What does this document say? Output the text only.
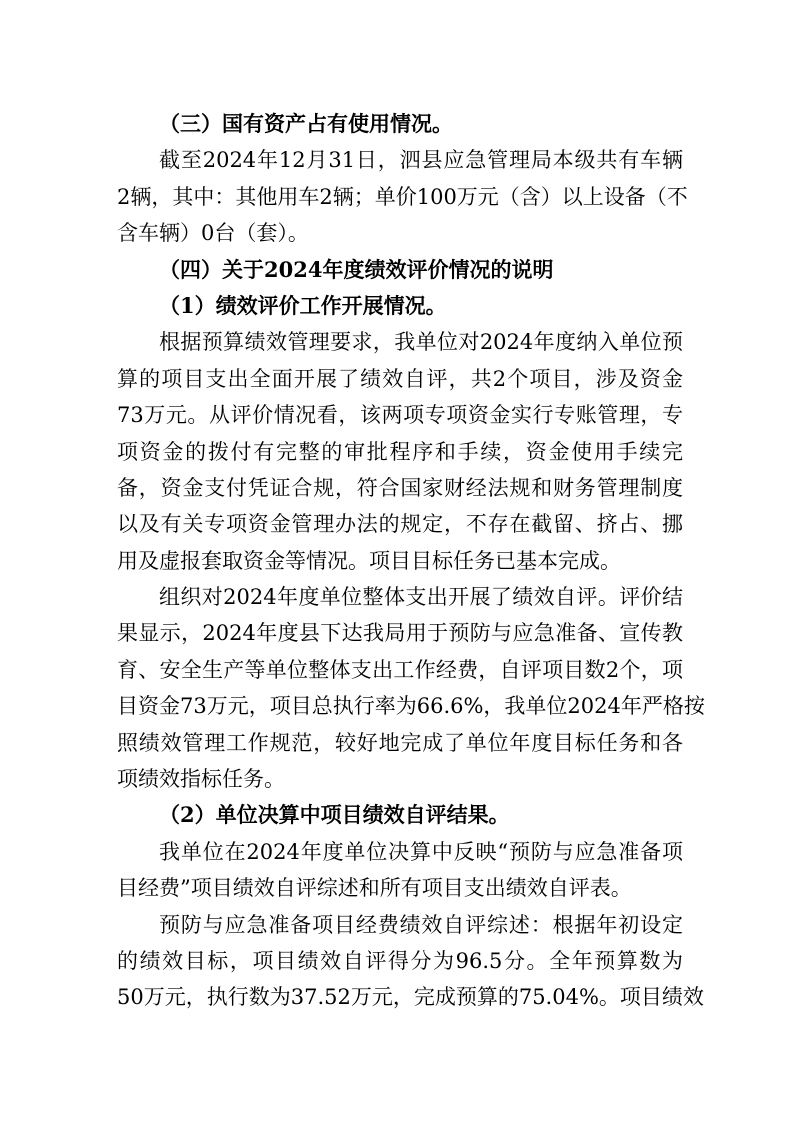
（三）国有资产占有使用情况。
截至2024年12月31日，泗县应急管理局本级共有车辆
2辆，其中：其他用车2辆；单价100万元（含）以上设备（不
含车辆）0台（套）。
（四）关于2024年度绩效评价情况的说明
（1）绩效评价工作开展情况。
根据预算绩效管理要求，我单位对2024年度纳入单位预
算的项目支出全面开展了绩效自评，共2个项目，涉及资金
73万元。从评价情况看，该两项专项资金实行专账管理，专
项资金的拨付有完整的审批程序和手续，资金使用手续完
备，资金支付凭证合规，符合国家财经法规和财务管理制度
以及有关专项资金管理办法的规定，不存在截留、挤占、挪
用及虚报套取资金等情况。项目目标任务已基本完成。
组织对2024年度单位整体支出开展了绩效自评。评价结
果显示，2024年度县下达我局用于预防与应急准备、宣传教
育、安全生产等单位整体支出工作经费，自评项目数2个，项
目资金73万元，项目总执行率为66.6%，我单位2024年严格按
照绩效管理工作规范，较好地完成了单位年度目标任务和各
项绩效指标任务。
（2）单位决算中项目绩效自评结果。
我单位在2024年度单位决算中反映“预防与应急准备项
目经费”项目绩效自评综述和所有项目支出绩效自评表。
预防与应急准备项目经费绩效自评综述：根据年初设定
的绩效目标，项目绩效自评得分为96.5分。全年预算数为
50万元，执行数为37.52万元，完成预算的75.04%。项目绩效
